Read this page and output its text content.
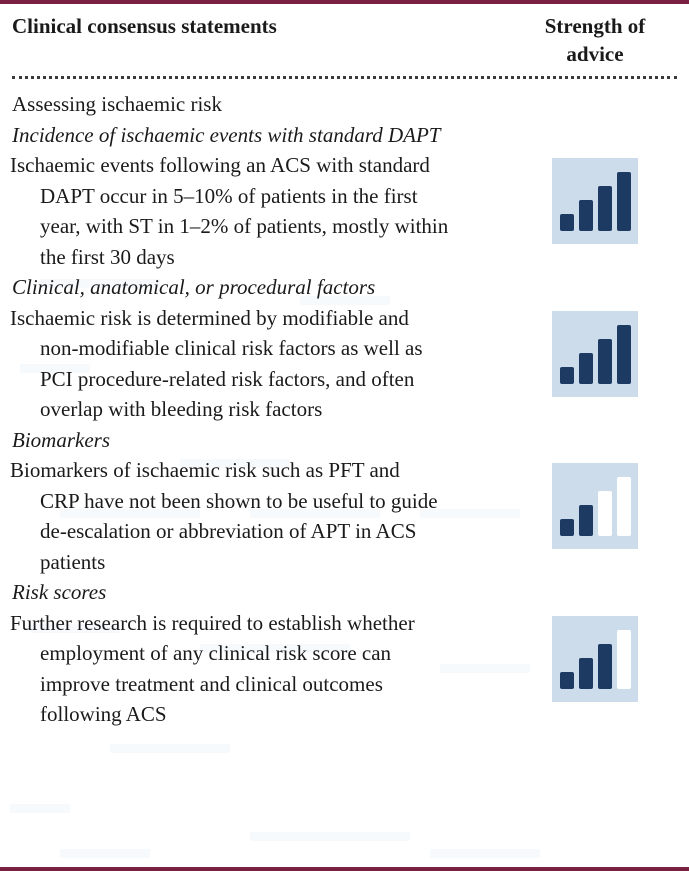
Clinical consensus statements	Strength of
advice
Assessing ischaemic risk
Incidence of ischaemic events with standard DAPT
Ischaemic events following an ACS with standard
DAPT occur in 5–10% of patients in the first
year, with ST in 1–2% of patients, mostly within
the first 30 days
Clinical, anatomical, or procedural factors
Ischaemic risk is determined by modifiable and
non-modifiable clinical risk factors as well as
PCI procedure-related risk factors, and often
overlap with bleeding risk factors
Biomarkers
Biomarkers of ischaemic risk such as PFT and
CRP have not been shown to be useful to guide
de-escalation or abbreviation of APT in ACS
patients
Risk scores
Further research is required to establish whether
employment of any clinical risk score can
improve treatment and clinical outcomes
following ACS
